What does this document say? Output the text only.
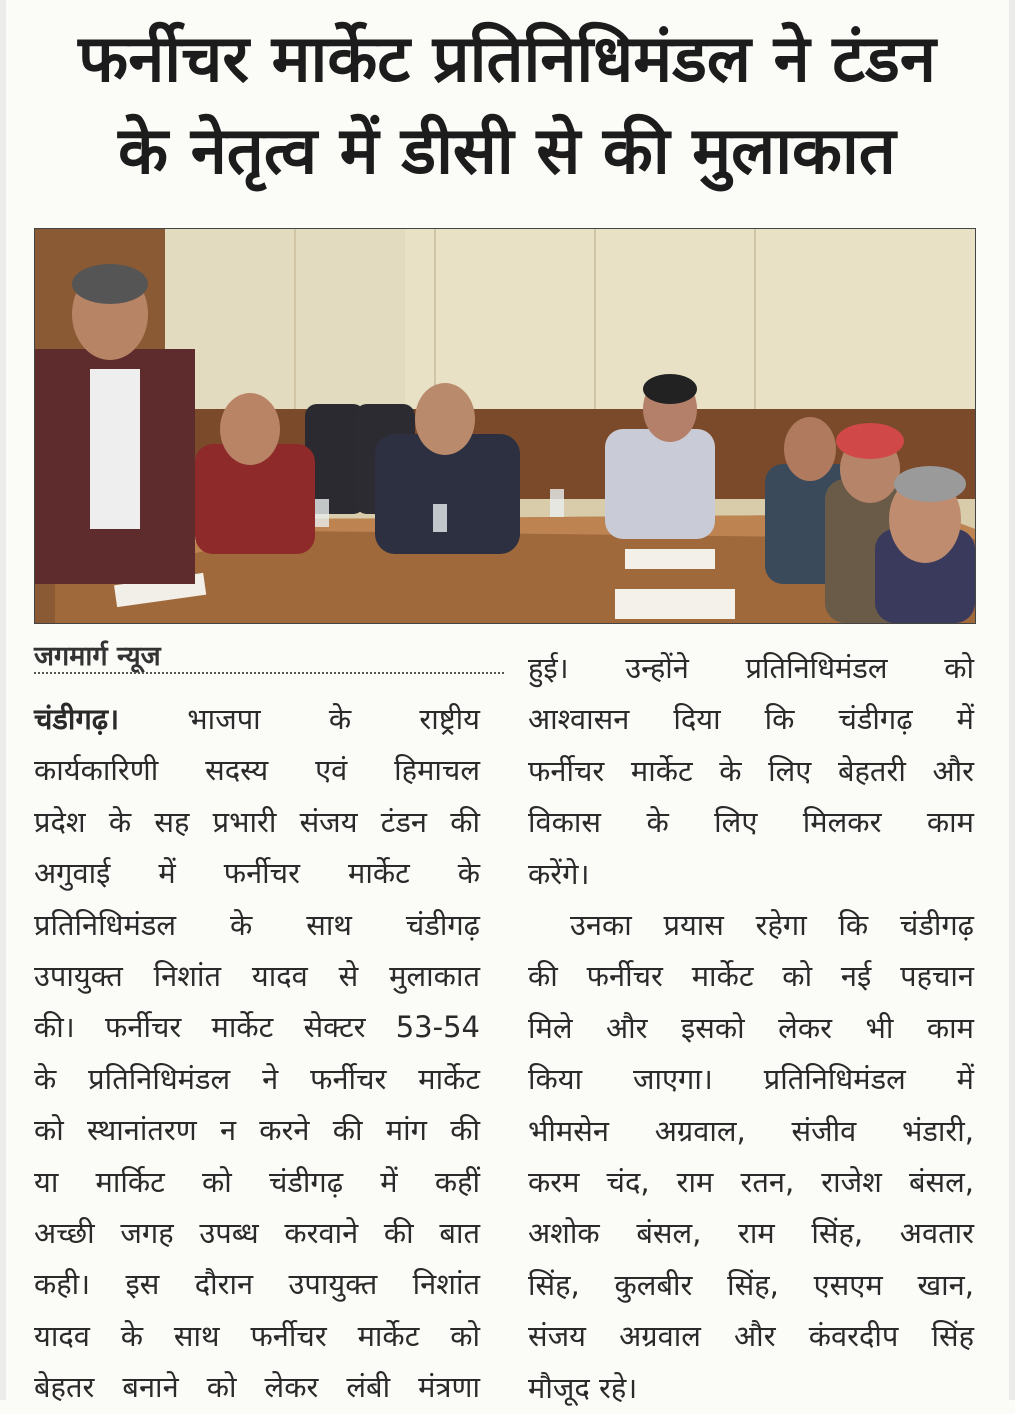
फर्नीचर मार्केट प्रतिनिधिमंडल ने टंडन
के नेतृत्व में डीसी से की मुलाकात
जगमार्ग न्यूज
चंडीगढ़। भाजपा के राष्ट्रीय
कार्यकारिणी सदस्य एवं हिमाचल
प्रदेश के सह प्रभारी संजय टंडन की
अगुवाई में फर्नीचर मार्केट के
प्रतिनिधिमंडल के साथ चंडीगढ़
उपायुक्त निशांत यादव से मुलाकात
की। फर्नीचर मार्केट सेक्टर 53-54
के प्रतिनिधिमंडल ने फर्नीचर मार्केट
को स्थानांतरण न करने की मांग की
या मार्किट को चंडीगढ़ में कहीं
अच्छी जगह उपब्ध करवाने की बात
कही। इस दौरान उपायुक्त निशांत
यादव के साथ फर्नीचर मार्केट को
बेहतर बनाने को लेकर लंबी मंत्रणा
हुई। उन्होंने प्रतिनिधिमंडल को
आश्वासन दिया कि चंडीगढ़ में
फर्नीचर मार्केट के लिए बेहतरी और
विकास के लिए मिलकर काम
करेंगे।
उनका प्रयास रहेगा कि चंडीगढ़
की फर्नीचर मार्केट को नई पहचान
मिले और इसको लेकर भी काम
किया जाएगा। प्रतिनिधिमंडल में
भीमसेन अग्रवाल, संजीव भंडारी,
करम चंद, राम रतन, राजेश बंसल,
अशोक बंसल, राम सिंह, अवतार
सिंह, कुलबीर सिंह, एसएम खान,
संजय अग्रवाल और कंवरदीप सिंह
मौजूद रहे।
